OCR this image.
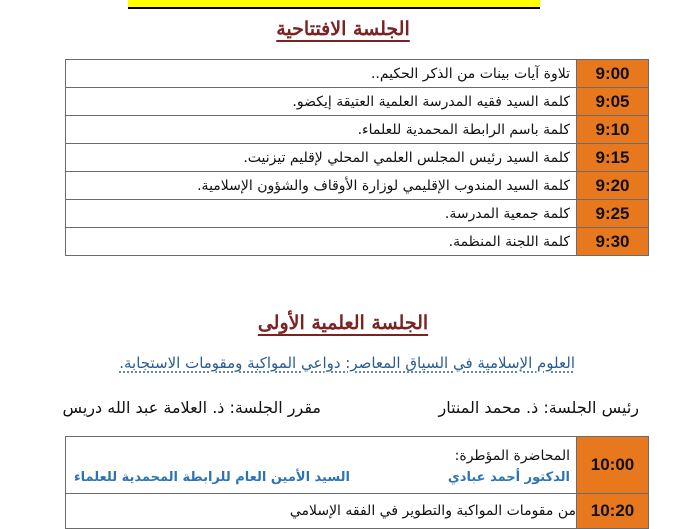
الجلسة الافتتاحية
تلاوة آيات بينات من الذكر الحكيم..	9:00
كلمة السيد فقيه المدرسة العلمية العتيقة إيكضو.	9:05
كلمة باسم الرابطة المحمدية للعلماء.	9:10
كلمة السيد رئيس المجلس العلمي المحلي لإقليم تيزنيت.	9:15
كلمة السيد المندوب الإقليمي لوزارة الأوقاف والشؤون الإسلامية.	9:20
كلمة جمعية المدرسة.	9:25
كلمة اللجنة المنظمة.	9:30
الجلسة العلمية الأولى
العلوم الإسلامية في السياق المعاصر: دواعي المواكبة ومقومات الاستجابة.
رئيس الجلسة: ذ. محمد المنتار
مقرر الجلسة: ذ. العلامة عبد الله دريس
المحاضرة المؤطرة:
الدكتور أحمد عبادي
السيد الأمين العام للرابطة المحمدية للعلماء	10:00
من مقومات المواكبة والتطوير في الفقه الإسلامي	10:20
